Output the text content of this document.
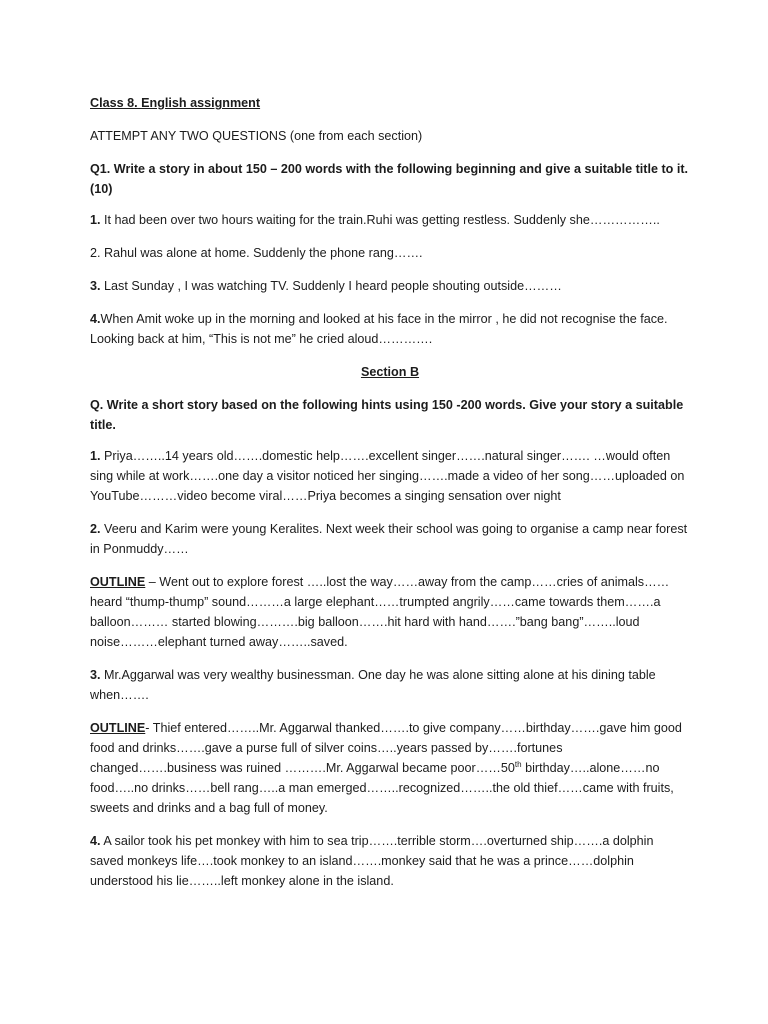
Class 8. English assignment

ATTEMPT ANY TWO QUESTIONS (one from each section)

Q1. Write a story in about 150 – 200 words with the following beginning and give a suitable title to it. (10)

1. It had been over two hours waiting for the train.Ruhi was getting restless. Suddenly she……………..

2. Rahul was alone at home. Suddenly the phone rang…….

3. Last Sunday , I was watching TV. Suddenly I heard people shouting outside………

4.When Amit woke up in the morning and looked at his face in the mirror , he did not recognise the face. Looking back at him, “This is not me” he cried aloud………….

Section B

Q. Write a short story based on the following hints using 150 -200 words. Give your story a suitable title.

1. Priya……..14 years old…….domestic help…….excellent singer…….natural singer……. …would often sing while at work…….one day a visitor noticed her singing…….made a video of her song……uploaded on YouTube………video become viral……Priya becomes a singing sensation over night

2. Veeru and Karim were young Keralites. Next week their school was going to organise a camp near forest in Ponmuddy……

OUTLINE – Went out to explore forest …..lost the way……away from the camp……cries of animals……heard “thump-thump” sound………a large elephant……trumpted angrily……came towards them…….a balloon……… started blowing……….big balloon…….hit hard with hand…….”bang bang”……..loud noise………elephant turned away……..saved.

3. Mr.Aggarwal was very wealthy businessman. One day he was alone sitting alone at his dining table when…….

OUTLINE- Thief entered……..Mr. Aggarwal thanked…….to give company……birthday…….gave him good food and drinks…….gave a purse full of silver coins…..years passed by…….fortunes changed…….business was ruined ……….Mr. Aggarwal became poor……50th birthday…..alone……no food…..no drinks……bell rang…..a man emerged……..recognized……..the old thief……came with fruits, sweets and drinks and a bag full of money.

4. A sailor took his pet monkey with him to sea trip…….terrible storm….overturned ship…….a dolphin saved monkeys life….took monkey to an island…….monkey said that he was a prince……dolphin understood his lie……..left monkey alone in the island.
